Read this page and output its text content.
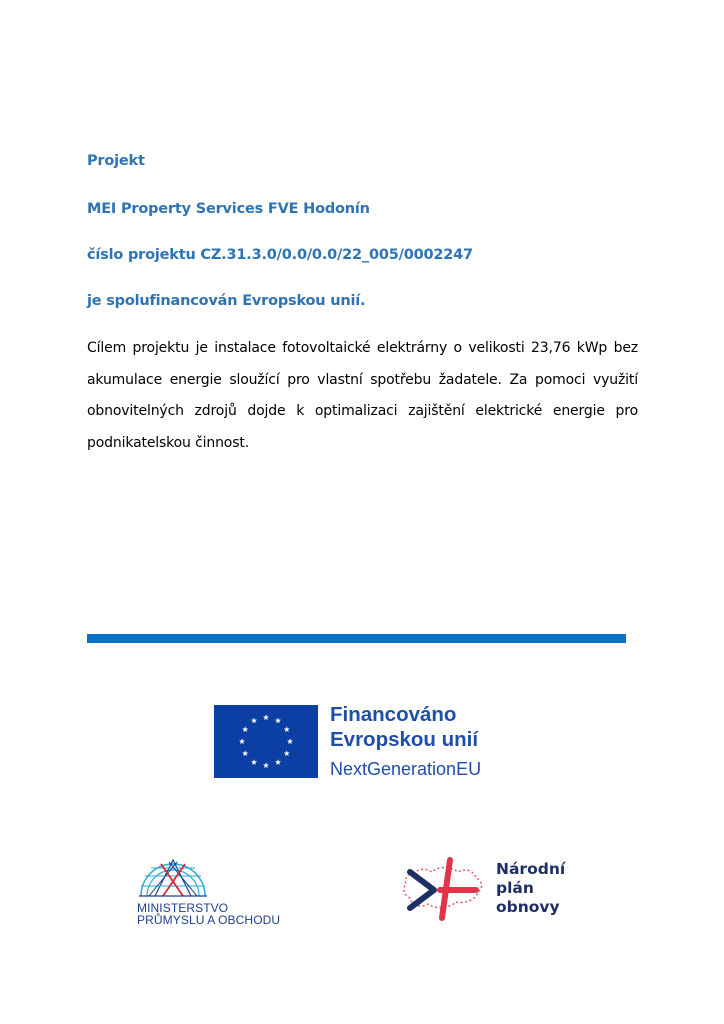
Projekt
MEI Property Services FVE Hodonín
číslo projektu CZ.31.3.0/0.0/0.0/22_005/0002247
je spolufinancován Evropskou unií.
Cílem projektu je instalace fotovoltaické elektrárny o velikosti 23,76 kWp bez akumulace energie sloužící pro vlastní spotřebu žadatele. Za pomoci využití obnovitelných zdrojů dojde k optimalizaci zajištění elektrické energie pro podnikatelskou činnost.
Financováno
Evropskou unií
NextGenerationEU
MINISTERSTVO
PRŮMYSLU A OBCHODU
Národní
plán
obnovy
